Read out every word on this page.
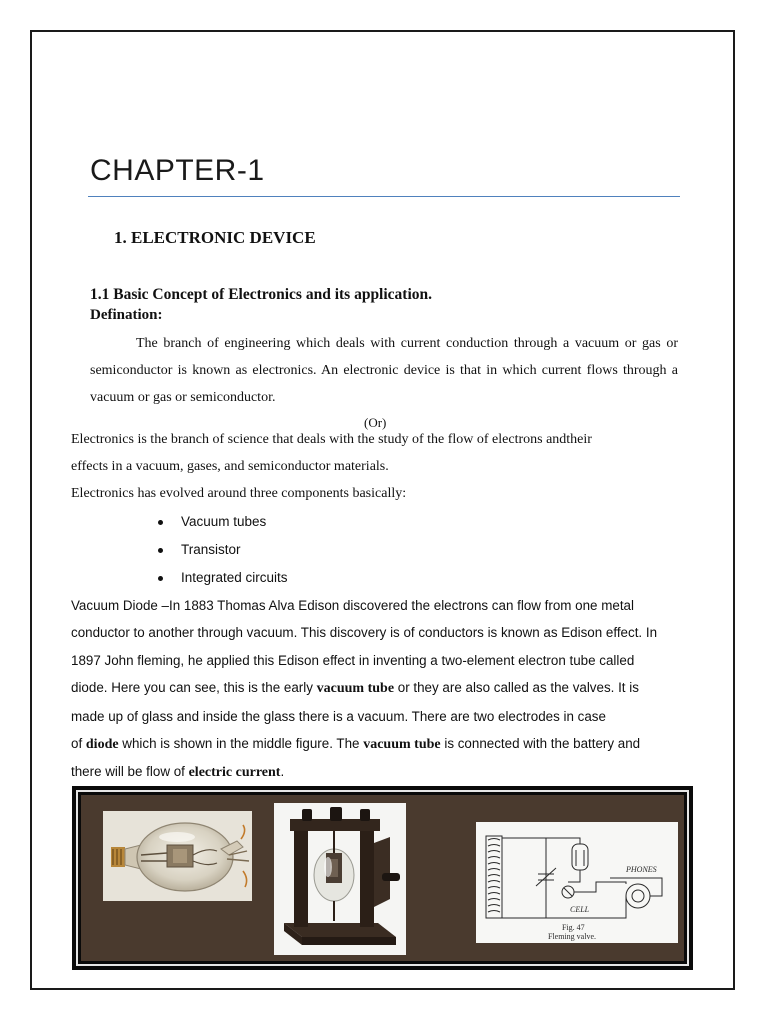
CHAPTER-1
1. ELECTRONIC DEVICE
1.1 Basic Concept of Electronics and its application.
Defination:

The branch of engineering which deals with current conduction through a vacuum or gas or semiconductor is known as electronics. An electronic device is that in which current flows through a vacuum or gas or semiconductor.

(Or)
Electronics is the branch of science that deals with the study of the flow of electrons andtheir
effects in a vacuum, gases, and semiconductor materials.
Electronics has evolved around three components basically:
Vacuum tubes
Transistor
Integrated circuits
Vacuum Diode –In 1883 Thomas Alva Edison discovered the electrons can flow from one metal
conductor to another through vacuum. This discovery is of conductors is known as Edison effect. In
1897 John fleming, he applied this Edison effect in inventing a two-element electron tube called
diode. Here you can see, this is the early vacuum tube or they are also called as the valves. It is
made up of glass and inside the glass there is a vacuum. There are two electrodes in case
of diode which is shown in the middle figure. The vacuum tube is connected with the battery and
there will be flow of electric current.
CELL
PHONES
Fig. 47
Fleming valve.
